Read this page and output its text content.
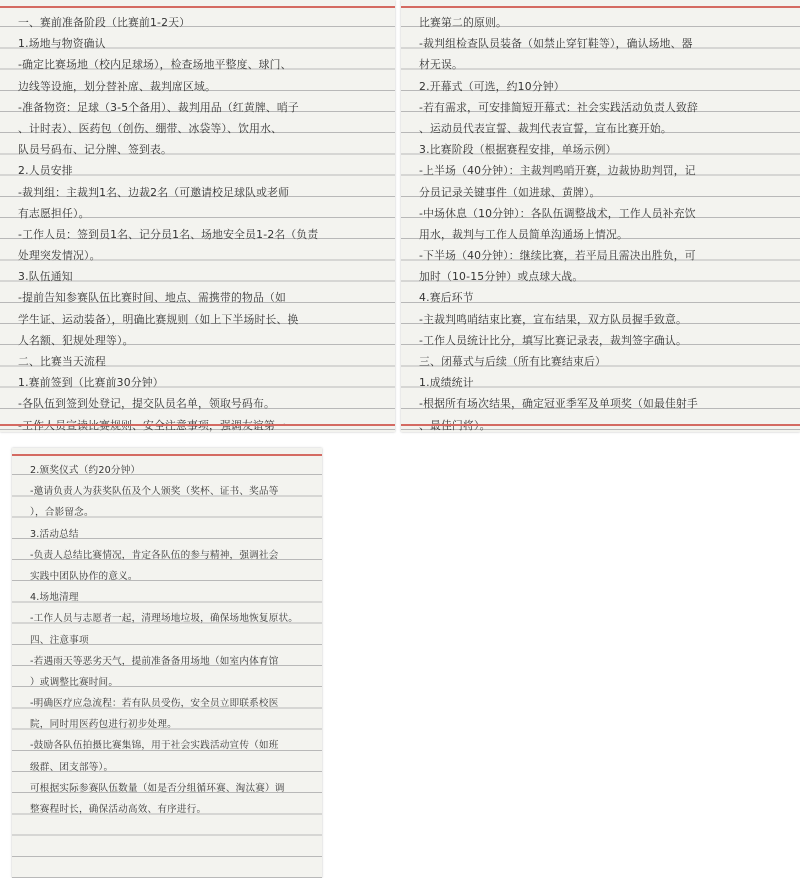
一、赛前准备阶段（比赛前1-2天）
1.场地与物资确认
-确定比赛场地（校内足球场），检查场地平整度、球门、
边线等设施，划分替补席、裁判席区域。
-准备物资：足球（3-5个备用）、裁判用品（红黄牌、哨子
、计时表）、医药包（创伤、绷带、冰袋等）、饮用水、
队员号码布、记分牌、签到表。
2.人员安排
-裁判组：主裁判1名、边裁2名（可邀请校足球队或老师
有志愿担任）。
-工作人员：签到员1名、记分员1名、场地安全员1-2名（负责
处理突发情况）。
3.队伍通知
-提前告知参赛队伍比赛时间、地点、需携带的物品（如
学生证、运动装备），明确比赛规则（如上下半场时长、换
人名额、犯规处理等）。
二、比赛当天流程
1.赛前签到（比赛前30分钟）
-各队伍到签到处登记，提交队员名单，领取号码布。
比赛第二的原则。
-裁判组检查队员装备（如禁止穿钉鞋等），确认场地、器
材无误。
2.开幕式（可选，约10分钟）
-若有需求，可安排简短开幕式：社会实践活动负责人致辞
、运动员代表宣誓、裁判代表宣誓，宣布比赛开始。
3.比赛阶段（根据赛程安排，单场示例）
-上半场（40分钟）：主裁判鸣哨开赛，边裁协助判罚，记
分员记录关键事件（如进球、黄牌）。
-中场休息（10分钟）：各队伍调整战术，工作人员补充饮
用水，裁判与工作人员简单沟通场上情况。
-下半场（40分钟）：继续比赛，若平局且需决出胜负，可
加时（10-15分钟）或点球大战。
4.赛后环节
-主裁判鸣哨结束比赛，宣布结果，双方队员握手致意。
-工作人员统计比分，填写比赛记录表，裁判签字确认。
三、闭幕式与后续（所有比赛结束后）
1.成绩统计
-根据所有场次结果，确定冠亚季军及单项奖（如最佳射手
2.颁奖仪式（约20分钟）
-邀请负责人为获奖队伍及个人颁奖（奖杯、证书、奖品等
），合影留念。
3.活动总结
-负责人总结比赛情况，肯定各队伍的参与精神，强调社会
实践中团队协作的意义。
4.场地清理
-工作人员与志愿者一起，清理场地垃圾，确保场地恢复原状。
四、注意事项
-若遇雨天等恶劣天气，提前准备备用场地（如室内体育馆
）或调整比赛时间。
-明确医疗应急流程：若有队员受伤，安全员立即联系校医
院，同时用医药包进行初步处理。
-鼓励各队伍拍摄比赛集锦，用于社会实践活动宣传（如班
级群、团支部等）。
可根据实际参赛队伍数量（如是否分组循环赛、淘汰赛）调
整赛程时长，确保活动高效、有序进行。
